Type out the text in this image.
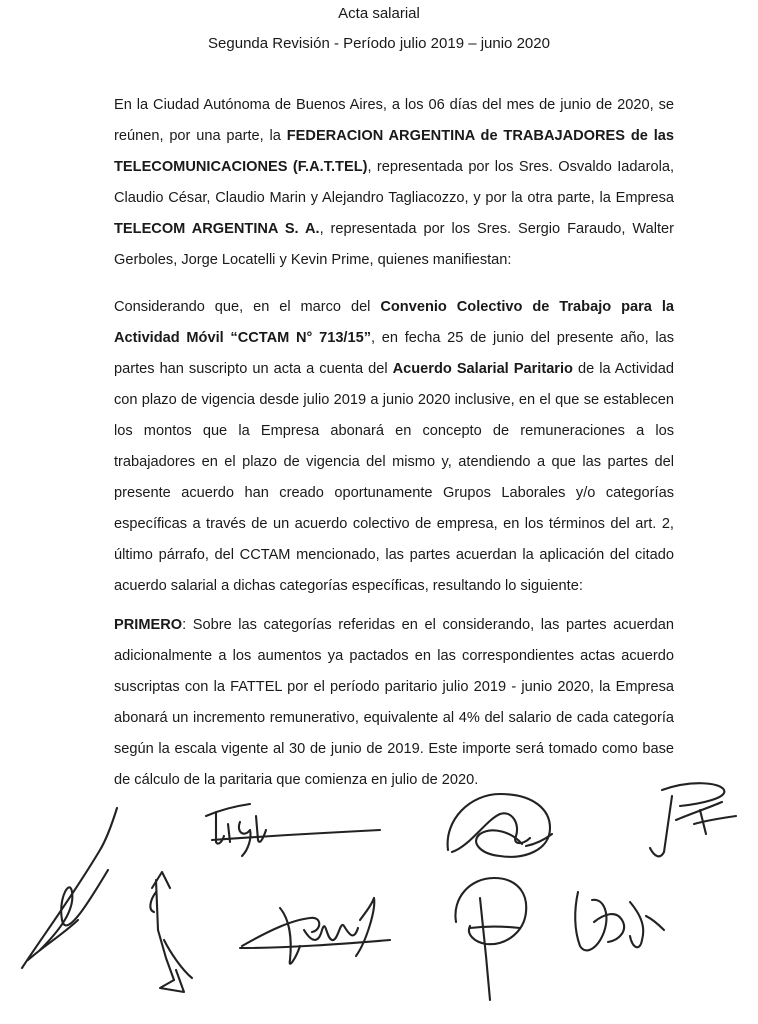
Acta salarial
Segunda Revisión - Período julio 2019 – junio 2020

En la Ciudad Autónoma de Buenos Aires, a los 06 días del mes de junio de 2020, se reúnen, por una parte, la FEDERACION ARGENTINA de TRABAJADORES de las TELECOMUNICACIONES (F.A.T.TEL), representada por los Sres. Osvaldo Iadarola, Claudio César, Claudio Marin y Alejandro Tagliacozzo, y por la otra parte, la Empresa TELECOM ARGENTINA S. A., representada por los Sres. Sergio Faraudo, Walter Gerboles, Jorge Locatelli y Kevin Prime, quienes manifiestan:

Considerando que, en el marco del Convenio Colectivo de Trabajo para la Actividad Móvil “CCTAM N° 713/15”, en fecha 25 de junio del presente año, las partes han suscripto un acta a cuenta del Acuerdo Salarial Paritario de la Actividad con plazo de vigencia desde julio 2019 a junio 2020 inclusive, en el que se establecen los montos que la Empresa abonará en concepto de remuneraciones a los trabajadores en el plazo de vigencia del mismo y, atendiendo a que las partes del presente acuerdo han creado oportunamente Grupos Laborales y/o categorías específicas a través de un acuerdo colectivo de empresa, en los términos del art. 2, último párrafo, del CCTAM mencionado, las partes acuerdan la aplicación del citado acuerdo salarial a dichas categorías específicas, resultando lo siguiente:

PRIMERO: Sobre las categorías referidas en el considerando, las partes acuerdan adicionalmente a los aumentos ya pactados en las correspondientes actas acuerdo suscriptas con la FATTEL por el período paritario julio 2019 - junio 2020, la Empresa abonará un incremento remunerativo, equivalente al 4% del salario de cada categoría según la escala vigente al 30 de junio de 2019. Este importe será tomado como base de cálculo de la paritaria que comienza en julio de 2020.
